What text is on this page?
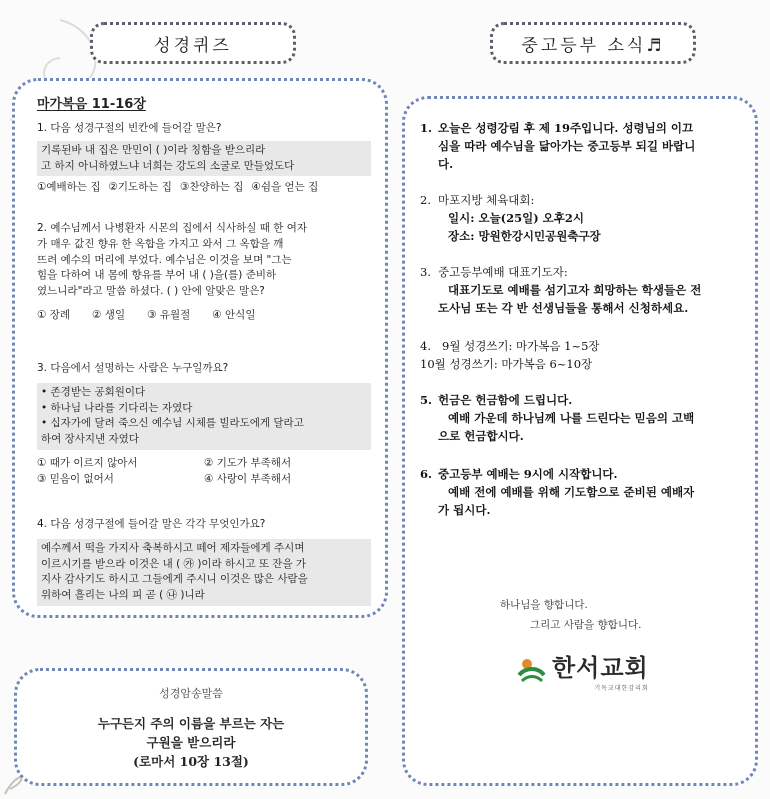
성경퀴즈	중고등부 소식♬
마가복음 11-16장
1. 다음 성경구절의 빈칸에 들어갈 말은?
기록된바 내 집은 만민이 ( )이라 칭함을 받으리라
고 하지 아니하였느냐 너희는 강도의 소굴로 만들었도다
①예배하는 집 ②기도하는 집 ③찬양하는 집 ④쉼을 얻는 집
2. 예수님께서 나병환자 시몬의 집에서 식사하실 때 한 여자
가 매우 값진 향유 한 옥합을 가지고 와서 그 옥합을 깨
뜨려 예수의 머리에 부었다. 예수님은 이것을 보며 "그는
힘을 다하여 내 몸에 향유를 부어 내 ( )을(를) 준비하
였느니라"라고 말씀 하셨다. ( ) 안에 알맞은 말은?
① 장례 ② 생일 ③ 유월절 ④ 안식일
3. 다음에서 설명하는 사람은 누구일까요?
• 존경받는 공회원이다
• 하나님 나라를 기다리는 자였다
• 십자가에 달려 죽으신 예수님 시체를 빌라도에게 달라고
하여 장사지낸 자였다
① 때가 이르지 않아서	② 기도가 부족해서
③ 믿음이 없어서	④ 사랑이 부족해서
4. 다음 성경구절에 들어갈 말은 각각 무엇인가요?
예수께서 떡을 가지사 축복하시고 떼어 제자들에게 주시며
이르시기를 받으라 이것은 내 ( ㉮ )이라 하시고 또 잔을 가
지사 감사기도 하시고 그들에게 주시니 이것은 많은 사람을
위하여 흘리는 나의 피 곧 ( ㉯ )니라
성경암송말씀
누구든지 주의 이름을 부르는 자는
구원을 받으리라
(로마서 10장 13절)
1. 오늘은 성령강림 후 제 19주입니다. 성령님의 이끄
심을 따라 예수님을 닮아가는 중고등부 되길 바랍니
다.
2. 마포지방 체육대회:
일시: 오늘(25일) 오후2시
장소: 망원한강시민공원축구장
3. 중고등부예배 대표기도자:
대표기도로 예배를 섬기고자 희망하는 학생들은 전
도사님 또는 각 반 선생님들을 통해서 신청하세요.
4. 9월 성경쓰기: 마가복음 1~5장
10월 성경쓰기: 마가복음 6~10장
5. 헌금은 헌금함에 드립니다.
예배 가운데 하나님께 나를 드린다는 믿음의 고백
으로 헌금합시다.
6. 중고등부 예배는 9시에 시작합니다.
예배 전에 예배를 위해 기도함으로 준비된 예배자
가 됩시다.
하나님을 향합니다.
그리고 사람을 향합니다.
한서교회
기독교대한감리회
